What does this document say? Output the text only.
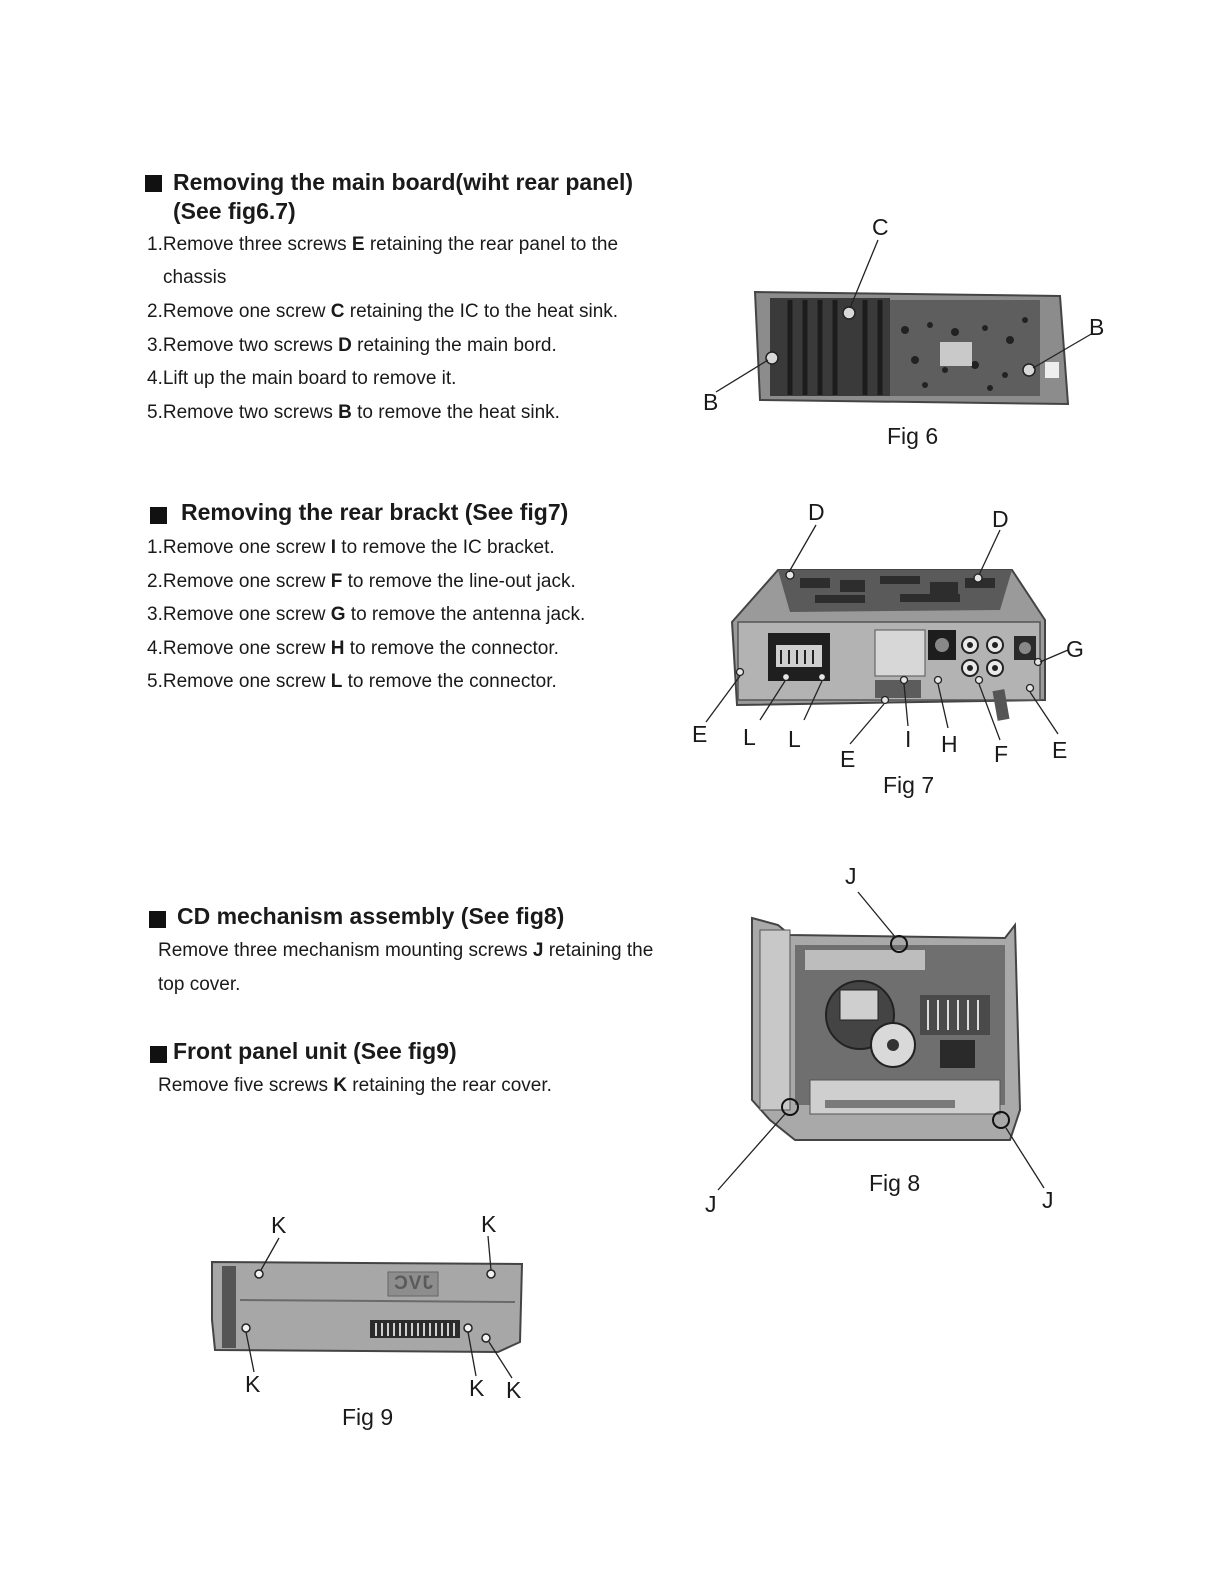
Removing the main board(wiht rear panel)
(See fig6.7)
1.Remove three screws E retaining the rear panel to the
chassis
2.Remove one screw C retaining the IC to the heat sink.
3.Remove two screws D retaining the main bord.
4.Lift up the main board to remove it.
5.Remove two screws B to remove the heat sink.
Removing the rear brackt (See fig7)
1.Remove one screw I to remove the IC bracket.
2.Remove one screw F to remove the line-out jack.
3.Remove one screw G to remove the antenna jack.
4.Remove one screw H to remove the connector.
5.Remove one screw L to remove the connector.
CD mechanism assembly (See fig8)
Remove three mechanism mounting screws J retaining the
top cover.
Front panel unit (See fig9)
Remove five screws K retaining the rear cover.
C
B
B
Fig 6
D	D
G
E L L
E
I H F E
Fig 7
J
J	J
Fig 8
JVC
K	K
K	K K
Fig 9
